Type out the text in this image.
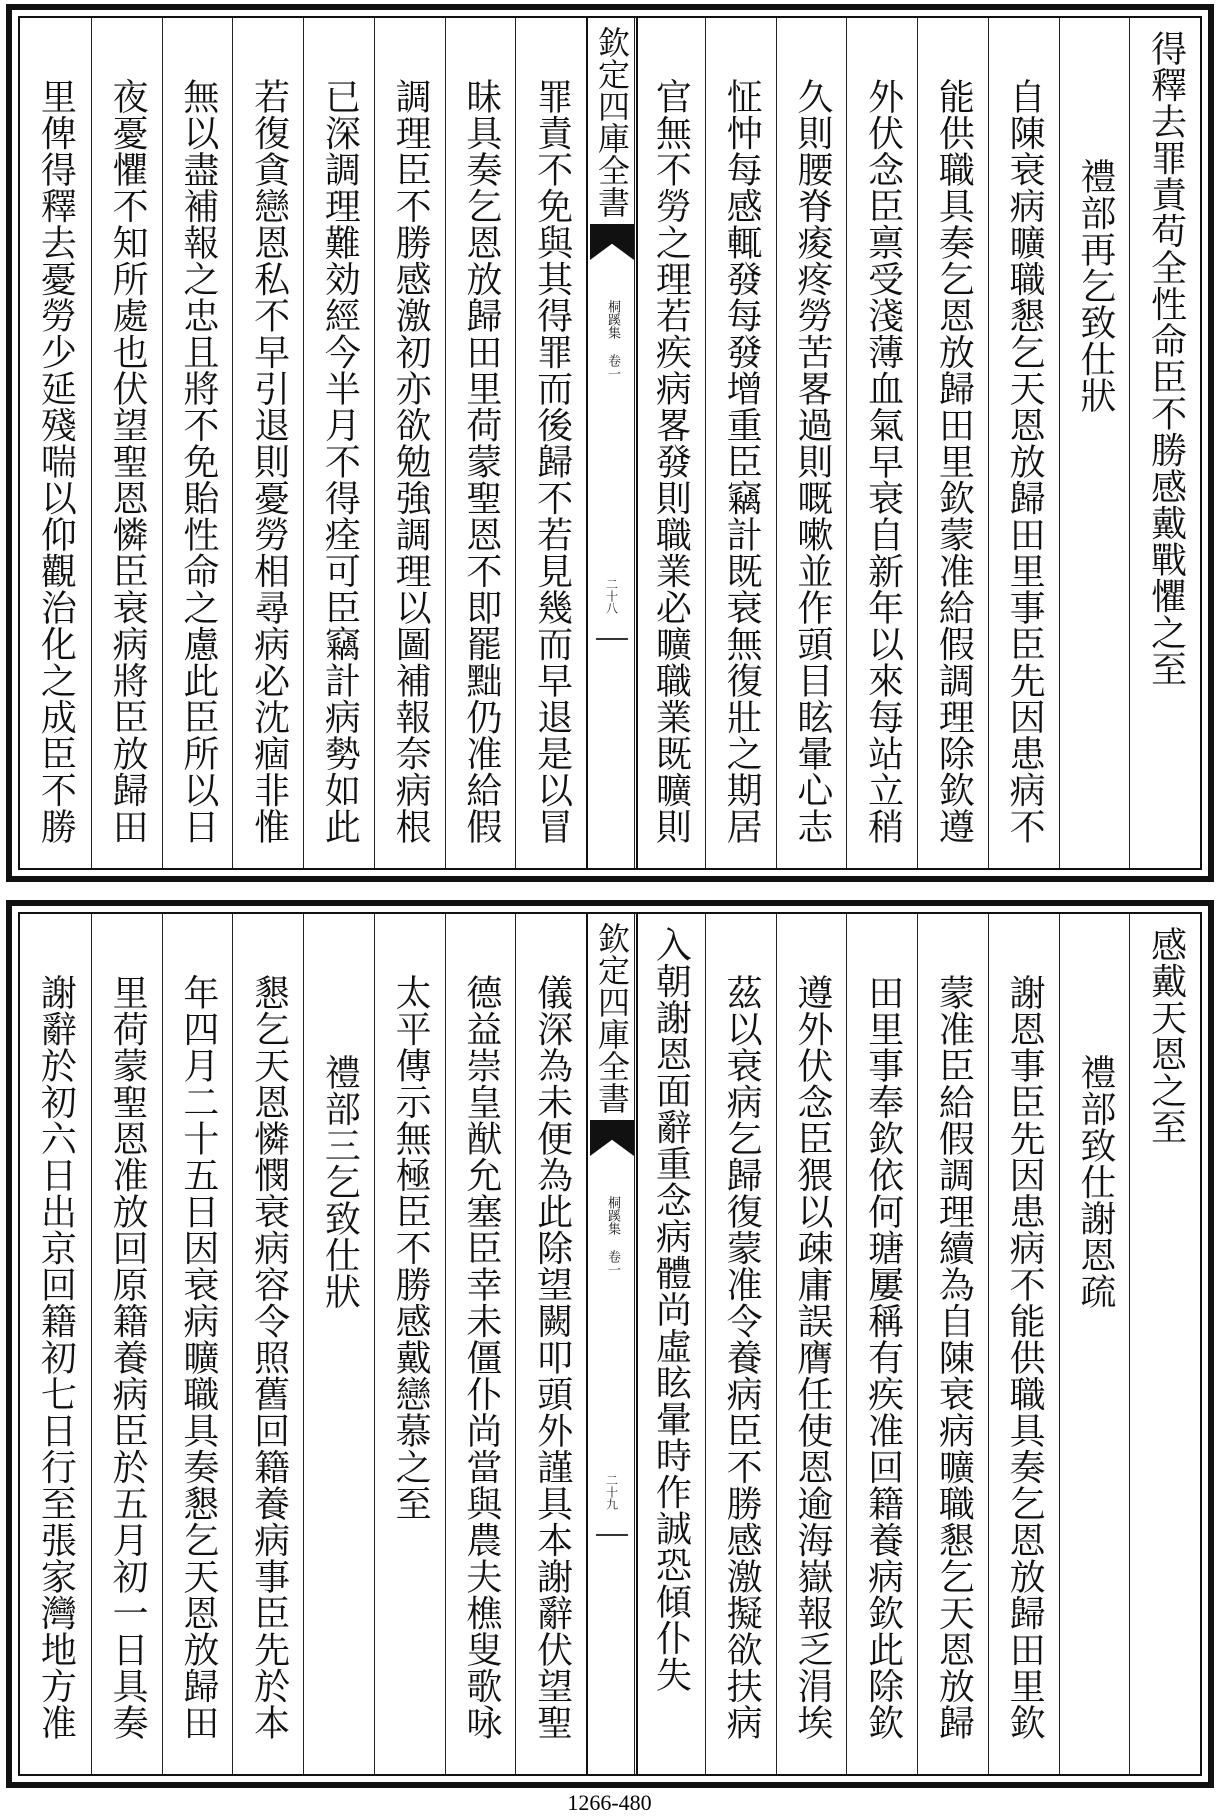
得釋去罪責苟全性命臣不勝感戴戰懼之至
禮部再乞致仕狀
自陳衰病曠職懇乞天恩放歸田里事臣先因患病不
能供職具奏乞恩放歸田里欽蒙准給假調理除欽遵
外伏念臣禀受淺薄血氣早衰自新年以來每站立稍
久則腰脊痠疼勞苦畧過則嘅嗽並作頭目眩暈心志
怔忡每感輒發每發增重臣竊計既衰無復壯之期居
官無不勞之理若疾病畧發則職業必曠職業既曠則
欽定四庫全書
桐蹊集 卷一
二十八
罪責不免與其得罪而後歸不若見幾而早退是以冒
昧具奏乞恩放歸田里荷蒙聖恩不即罷黜仍准給假
調理臣不勝感激初亦欲勉強調理以圖補報奈病根
已深調理難効經今半月不得痊可臣竊計病勢如此
若復貪戀恩私不早引退則憂勞相尋病必沈痼非惟
無以盡補報之忠且將不免貽性命之慮此臣所以日
夜憂懼不知所處也伏望聖恩憐臣衰病將臣放歸田
里俾得釋去憂勞少延殘喘以仰觀治化之成臣不勝
感戴天恩之至
禮部致仕謝恩疏
謝恩事臣先因患病不能供職具奏乞恩放歸田里欽
蒙准臣給假調理續為自陳衰病曠職懇乞天恩放歸
田里事奉欽依何瑭屢稱有疾准回籍養病欽此除欽
遵外伏念臣猥以疎庸誤膺任使恩逾海嶽報乏涓埃
茲以衰病乞歸復蒙准令養病臣不勝感激擬欲扶病
入朝謝恩面辭重念病體尚虛眩暈時作誠恐傾仆失
欽定四庫全書
桐蹊集 卷一
二十九
儀深為未便為此除望闕叩頭外謹具本謝辭伏望聖
德益崇皇猷允塞臣幸未僵仆尚當與農夫樵叟歌咏
太平傳示無極臣不勝感戴戀慕之至
禮部三乞致仕狀
懇乞天恩憐憫衰病容令照舊回籍養病事臣先於本
年四月二十五日因衰病曠職具奏懇乞天恩放歸田
里荷蒙聖恩准放回原籍養病臣於五月初一日具奏
謝辭於初六日出京回籍初七日行至張家灣地方准
1266-480
